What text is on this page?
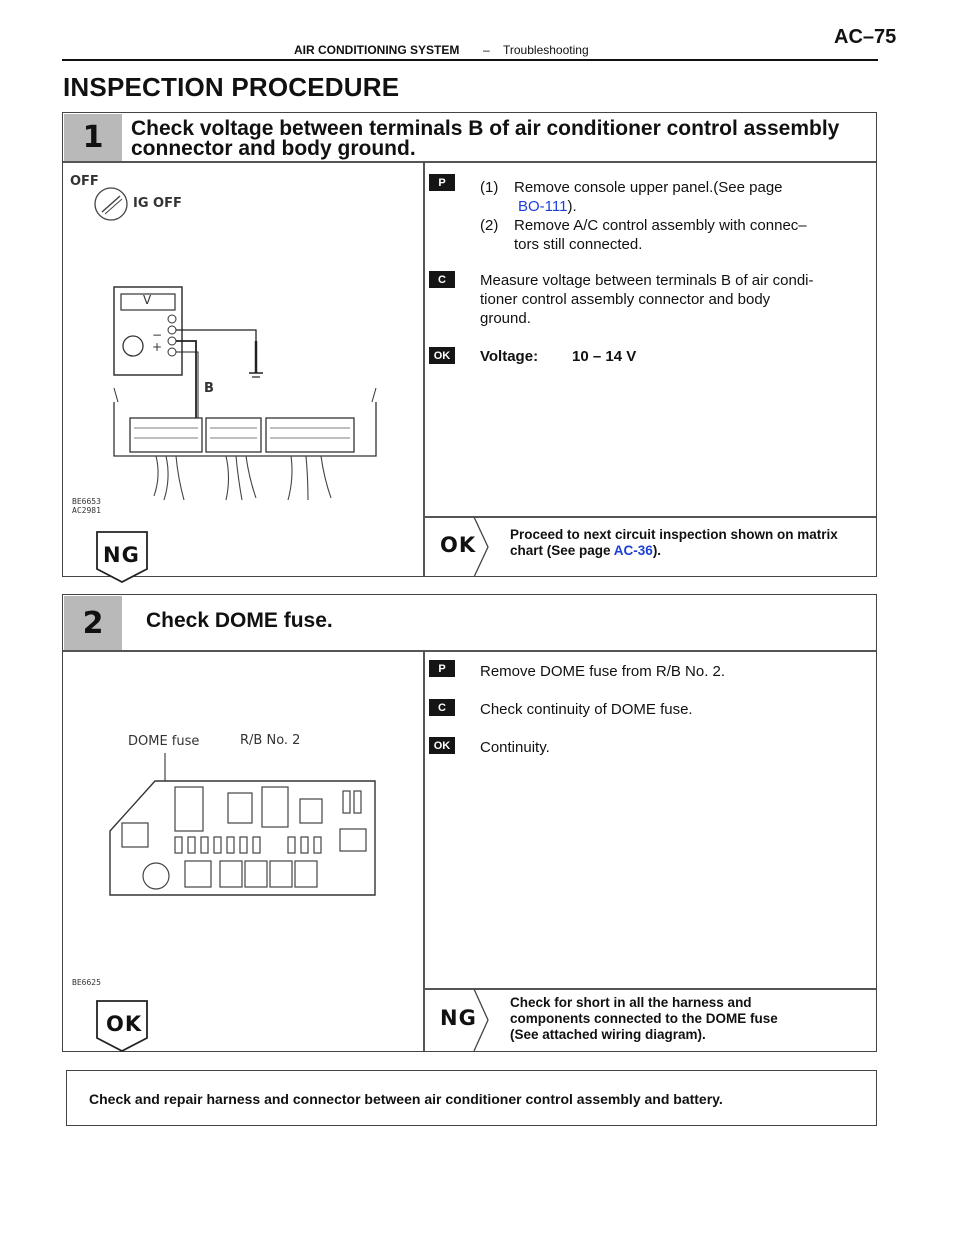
AIR CONDITIONING SYSTEM – Troubleshooting
AC–75
INSPECTION PROCEDURE
1	Check voltage between terminals B of air conditioner control assembly
connector and body ground.
OFF
IG OFF
V
−
+
B
BE6653
AC2981
P	(1) Remove console upper panel.(See page
BO-111).
(2) Remove A/C control assembly with connec–
tors still connected.
C	Measure voltage between terminals B of air condi-
tioner control assembly connector and body
ground.
OK	Voltage: 10 – 14 V
NG	OK	Proceed to next circuit inspection shown on matrix
chart (See page AC-36).
2	Check DOME fuse.
DOME fuse	R/B No. 2
BE6625
P	Remove DOME fuse from R/B No. 2.
C	Check continuity of DOME fuse.
OK	Continuity.
OK	NG
Check for short in all the harness and
components connected to the DOME fuse
(See attached wiring diagram).
Check and repair harness and connector between air conditioner control assembly and battery.
